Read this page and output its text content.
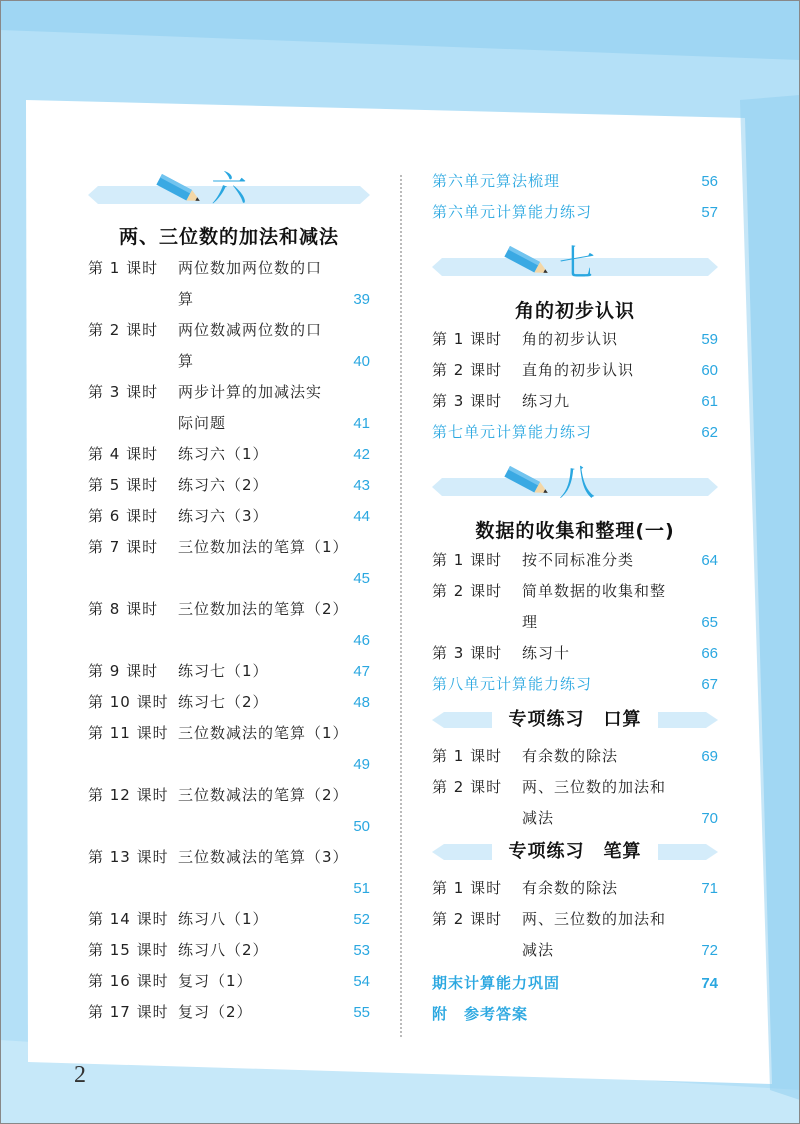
六
两、三位数的加法和减法
第 1 课时 两位数加两位数的口
算	39
第 2 课时 两位数减两位数的口
算	40
第 3 课时 两步计算的加减法实
际问题	41
第 4 课时 练习六（1）	42
第 5 课时 练习六（2）	43
第 6 课时 练习六（3）	44
第 7 课时 三位数加法的笔算（1）
45
第 8 课时 三位数加法的笔算（2）
46
第 9 课时 练习七（1）	47
第 10 课时 练习七（2）	48
第 11 课时 三位数减法的笔算（1）
49
第 12 课时 三位数减法的笔算（2）
50
第 13 课时 三位数减法的笔算（3）
51
第 14 课时 练习八（1）	52
第 15 课时 练习八（2）	53
第 16 课时 复习（1）	54
第 17 课时 复习（2）	55
第六单元算法梳理	56
第六单元计算能力练习	57
第 1 课时 角的初步认识	59
第 2 课时 直角的初步认识	60
第 3 课时 练习九	61
第七单元计算能力练习	62
第 1 课时 按不同标准分类	64
第 2 课时 简单数据的收集和整
理	65
第 3 课时 练习十	66
第八单元计算能力练习	67
第 1 课时 有余数的除法	69
第 2 课时 两、三位数的加法和
减法	70
第 1 课时 有余数的除法	71
第 2 课时 两、三位数的加法和
减法	72
期末计算能力巩固	74
附　参考答案
七
角的初步认识
八
数据的收集和整理(一)
专项练习　口算
专项练习　笔算
2
